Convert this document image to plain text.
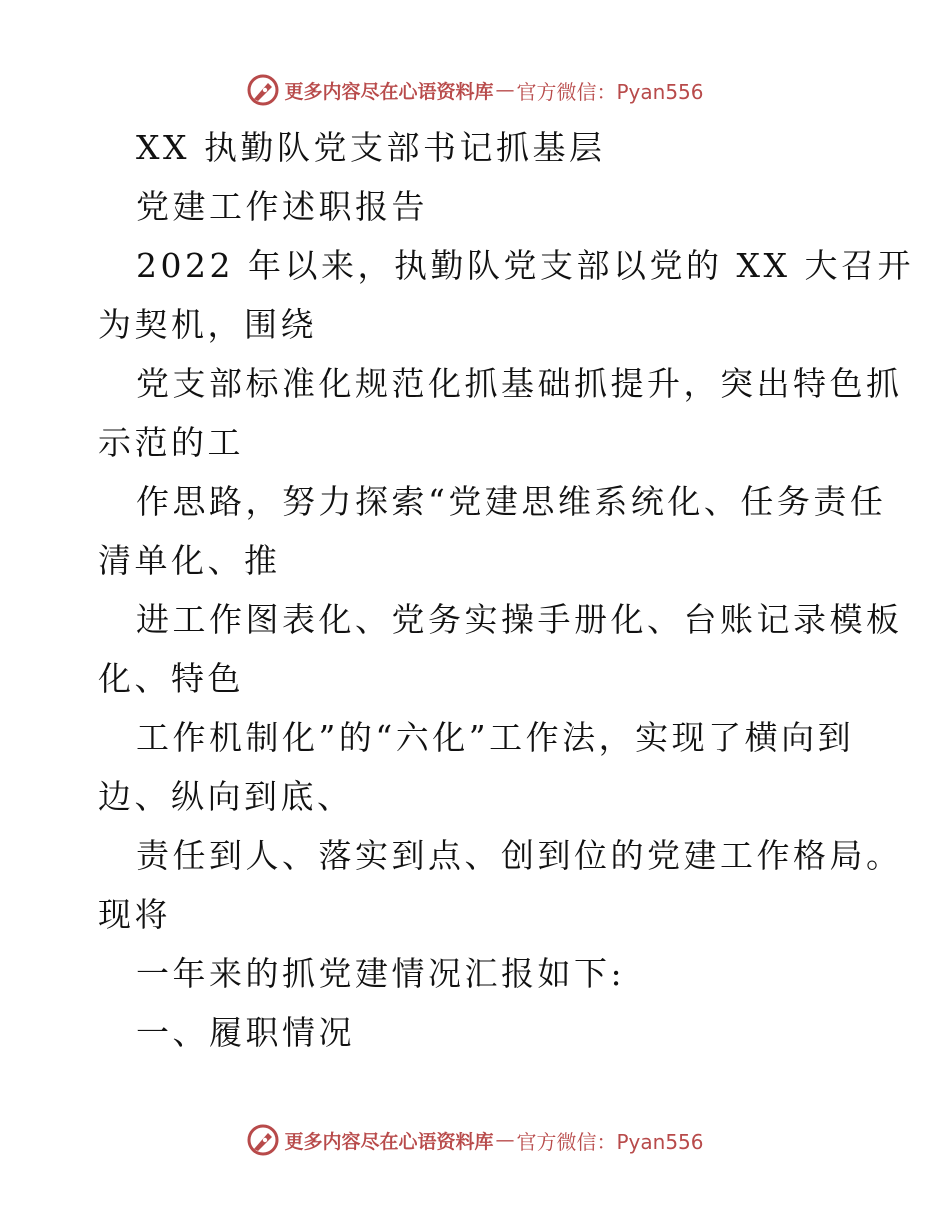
更多内容尽在心语资料库 — 官方微信：Pyan556
XX 执勤队党支部书记抓基层
党建工作述职报告
2022 年以来，执勤队党支部以党的 XX 大召开
为契机，围绕
党支部标准化规范化抓基础抓提升，突出特色抓
示范的工
作思路，努力探索“党建思维系统化、任务责任
清单化、推
进工作图表化、党务实操手册化、台账记录模板
化、特色
工作机制化”的“六化”工作法，实现了横向到
边、纵向到底、
责任到人、落实到点、创到位的党建工作格局。
现将
一年来的抓党建情况汇报如下:
一、履职情况
更多内容尽在心语资料库 — 官方微信：Pyan556
